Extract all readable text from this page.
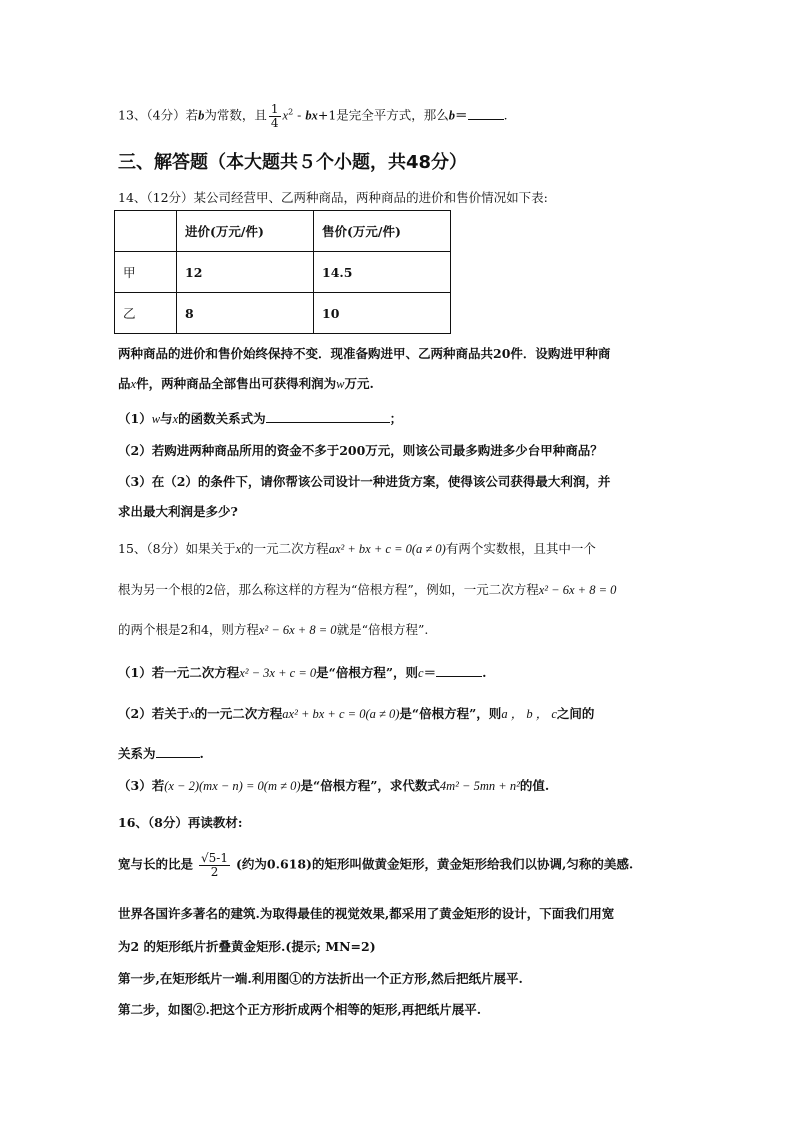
13、（4分）若b为常数，且 $\frac{1}{4} x^2 - bx+1$是完全平方式，那么b＝	.
三、解答题（本大题共５个小题，共48分）
14、（12分）某公司经营甲、乙两种商品，两种商品的进价和售价情况如下表:
	进价(万元/件)	售价(万元/件)
甲	12	14.5
乙	8	10
两种商品的进价和售价始终保持不变．现准备购进甲、乙两种商品共20件．设购进甲种商
品x件，两种商品全部售出可获得利润为w万元.
（1）w与x的函数关系式为	；
（2）若购进两种商品所用的资金不多于200万元，则该公司最多购进多少台甲种商品？
（3）在（2）的条件下，请你帮该公司设计一种进货方案，使得该公司获得最大利润，并
求出最大利润是多少?
15、（8分）如果关于x的一元二次方程ax² + bx + c = 0(a ≠ 0)有两个实数根，且其中一个
根为另一个根的2倍，那么称这样的方程为“倍根方程”，例如，一元二次方程x² − 6x + 8 = 0
的两个根是2和4，则方程x² − 6x + 8 = 0就是“倍根方程”.
（1）若一元二次方程x² − 3x + c = 0是“倍根方程”，则c＝	.
（2）若关于x的一元二次方程ax² + bx + c = 0(a ≠ 0)是“倍根方程”，则a ， b ， c之间的
关系为	.
（3）若(x − 2)(mx − n) = 0(m ≠ 0)是“倍根方程”，求代数式4m² − 5mn + n²的值.
16、（8分）再读教材:
宽与长的比是 $\frac{√5-1}{2}$ (约为0.618)的矩形叫做黄金矩形，黄金矩形给我们以协调,匀称的美感.
世界各国许多著名的建筑.为取得最佳的视觉效果,都采用了黄金矩形的设计，下面我们用宽
为2 的矩形纸片折叠黄金矩形.(提示; MN=2)
第一步,在矩形纸片一端.利用图①的方法折出一个正方形,然后把纸片展平.
第二步，如图②.把这个正方形折成两个相等的矩形,再把纸片展平.
